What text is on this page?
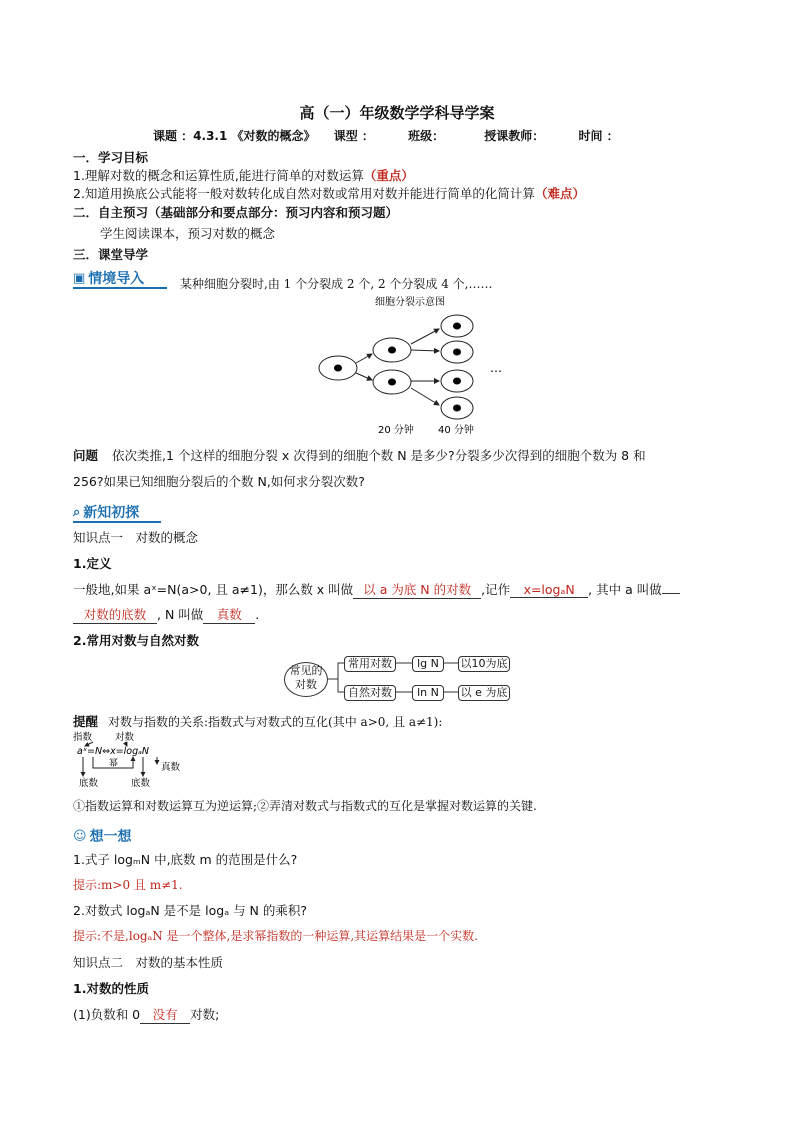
高（一）年级数学学科导学案
课题 ：4.3.1 《对数的概念》 课型 ：	班级：	授课教师：	时间 ：
一．学习目标
1.理解对数的概念和运算性质,能进行简单的对数运算（重点）
2.知道用换底公式能将一般对数转化成自然对数或常用对数并能进行简单的化简计算（难点）
二．自主预习（基础部分和要点部分：预习内容和预习题）
学生阅读课本，预习对数的概念
三．课堂导学
▣ 情境导入	某种细胞分裂时,由 1 个分裂成 2 个, 2 个分裂成 4 个,……
细胞分裂示意图
…
20 分钟 40 分钟
问题 依次类推,1 个这样的细胞分裂 x 次得到的细胞个数 N 是多少?分裂多少次得到的细胞个数为 8 和
256?如果已知细胞分裂后的个数 N,如何求分裂次数?
⌕ 新知初探
知识点一　对数的概念
1.定义
一般地,如果 aˣ=N(a>0, 且 a≠1)，那么数 x 叫做 以 a 为底 N 的对数 ,记作 x=logₐN , 其中 a 叫做
对数的底数 , N 叫做 真数 .
2.常用对数与自然对数
常见的对数
常用对数	lg N	以10为底
自然对数	ln N	以 e 为底
提醒 对数与指数的关系:指数式与对数式的互化(其中 a>0, 且 a≠1):
指数 对数
aˣ=N⇔x=logₐN
幂
底数	底数
真数
①指数运算和对数运算互为逆运算;②弄清对数式与指数式的互化是掌握对数运算的关键.
☺ 想一想
1.式子 logₘN 中,底数 m 的范围是什么?
提示:m>0 且 m≠1.
2.对数式 logₐN 是不是 logₐ 与 N 的乘积?
提示:不是,logₐN 是一个整体,是求幂指数的一种运算,其运算结果是一个实数.
知识点二　对数的基本性质
1.对数的性质
(1)负数和 0 没有 对数;
